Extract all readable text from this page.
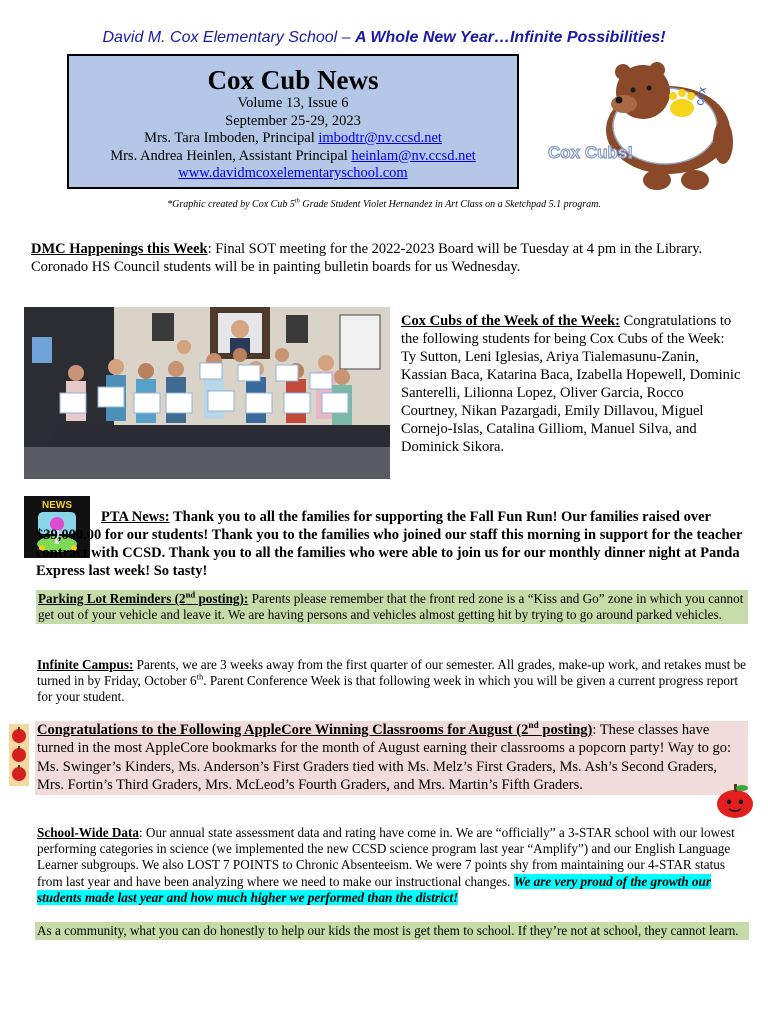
David M. Cox Elementary School – A Whole New Year…Infinite Possibilities!
Cox Cub News
Volume 13, Issue 6
September 25-29, 2023
Mrs. Tara Imboden, Principal imbodtr@nv.ccsd.net
Mrs. Andrea Heinlen, Assistant Principal heinlam@nv.ccsd.net
www.davidmcoxelementaryschool.com
cox
Cox Cubs!
*Graphic created by Cox Cub 5th Grade Student Violet Hernandez in Art Class on a Sketchpad 5.1 program.
DMC Happenings this Week: Final SOT meeting for the 2022-2023 Board will be Tuesday at 4 pm in the Library. Coronado HS Council students will be in painting bulletin boards for us Wednesday.
Cox Cubs of the Week of the Week: Congratulations to the following students for being Cox Cubs of the Week: Ty Sutton, Leni Iglesias, Ariya Tialemasunu-Zanin, Kassian Baca, Katarina Baca, Izabella Hopewell, Dominic Santerelli, Lilionna Lopez, Oliver Garcia, Rocco Courtney, Nikan Pazargadi, Emily Dillavou, Miguel Cornejo-Islas, Catalina Gilliom, Manuel Silva, and Dominick Sikora.
NEWS
PTA News: Thank you to all the families for supporting the Fall Fun Run! Our families raised over $39,000.00 for our students! Thank you to the families who joined our staff this morning in support for the teacher contract with CCSD. Thank you to all the families who were able to join us for our monthly dinner night at Panda Express last week! So tasty!
Parking Lot Reminders (2nd posting): Parents please remember that the front red zone is a “Kiss and Go” zone in which you cannot get out of your vehicle and leave it. We are having persons and vehicles almost getting hit by trying to go around parked vehicles.
Infinite Campus: Parents, we are 3 weeks away from the first quarter of our semester. All grades, make-up work, and retakes must be turned in by Friday, October 6th. Parent Conference Week is that following week in which you will be given a current progress report for your student.
Congratulations to the Following AppleCore Winning Classrooms for August (2nd posting): These classes have turned in the most AppleCore bookmarks for the month of August earning their classrooms a popcorn party! Way to go: Ms. Swinger’s Kinders, Ms. Anderson’s First Graders tied with Ms. Melz’s First Graders, Ms. Ash’s Second Graders, Mrs. Fortin’s Third Graders, Mrs. McLeod’s Fourth Graders, and Mrs. Martin’s Fifth Graders.
School-Wide Data: Our annual state assessment data and rating have come in. We are “officially” a 3-STAR school with our lowest performing categories in science (we implemented the new CCSD science program last year “Amplify”) and our English Language Learner subgroups. We also LOST 7 POINTS to Chronic Absenteeism. We were 7 points shy from maintaining our 4-STAR status from last year and have been analyzing where we need to make our instructional changes. We are very proud of the growth our students made last year and how much higher we performed than the district!
As a community, what you can do honestly to help our kids the most is get them to school. If they’re not at school, they cannot learn.
